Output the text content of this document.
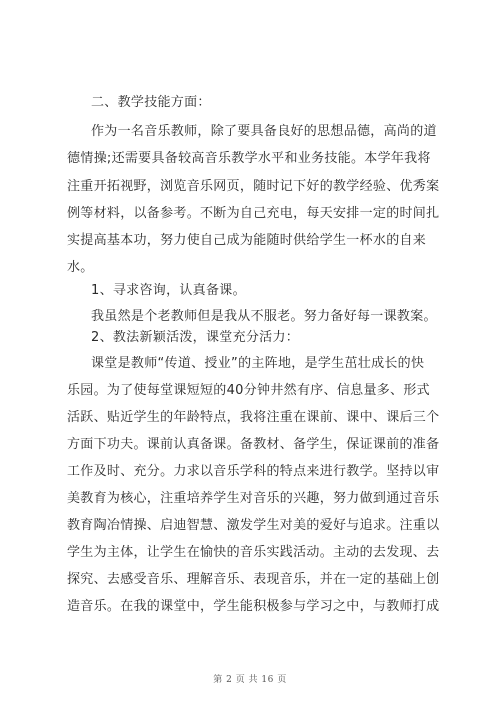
二、教学技能方面：
作为一名音乐教师，除了要具备良好的思想品德，高尚的道
德情操;还需要具备较高音乐教学水平和业务技能。本学年我将
注重开拓视野，浏览音乐网页，随时记下好的教学经验、优秀案
例等材料，以备参考。不断为自己充电，每天安排一定的时间扎
实提高基本功，努力使自己成为能随时供给学生一杯水的自来
水。
1、寻求咨询，认真备课。
我虽然是个老教师但是我从不服老。努力备好每一课教案。
2、教法新颖活泼，课堂充分活力：
课堂是教师“传道、授业”的主阵地，是学生茁壮成长的快
乐园。为了使每堂课短短的40分钟井然有序、信息量多、形式
活跃、贴近学生的年龄特点，我将注重在课前、课中、课后三个
方面下功夫。课前认真备课。备教材、备学生，保证课前的准备
工作及时、充分。力求以音乐学科的特点来进行教学。坚持以审
美教育为核心，注重培养学生对音乐的兴趣，努力做到通过音乐
教育陶冶情操、启迪智慧、激发学生对美的爱好与追求。注重以
学生为主体，让学生在愉快的音乐实践活动。主动的去发现、去
探究、去感受音乐、理解音乐、表现音乐，并在一定的基础上创
造音乐。在我的课堂中，学生能积极参与学习之中，与教师打成
第 2 页 共 16 页
